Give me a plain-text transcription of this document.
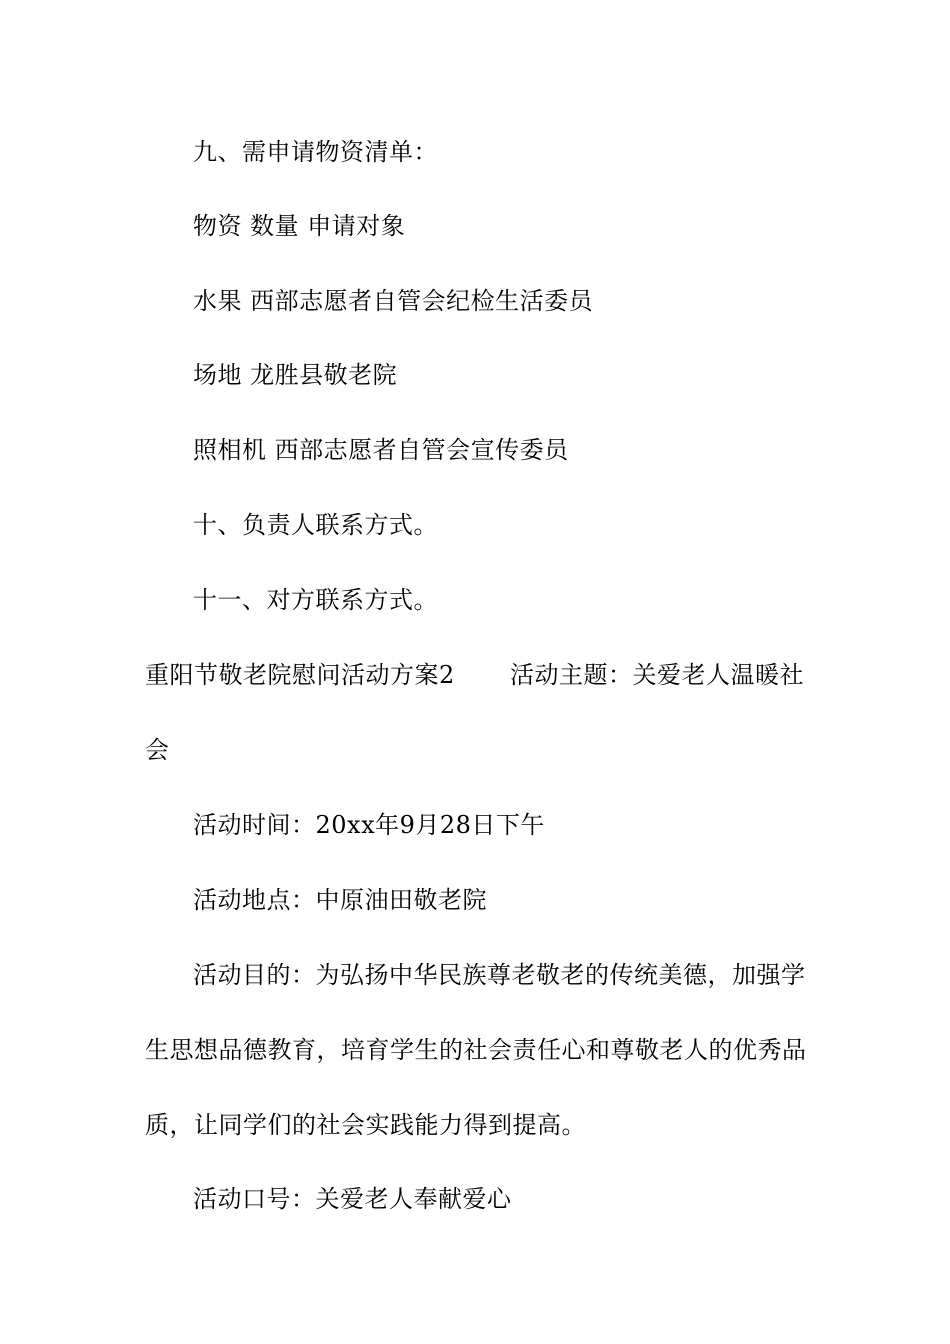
九、需申请物资清单：
物资 数量 申请对象
水果 西部志愿者自管会纪检生活委员
场地 龙胜县敬老院
照相机 西部志愿者自管会宣传委员
十、负责人联系方式。
十一、对方联系方式。
重阳节敬老院慰问活动方案2 活动主题：关爱老人温暖社
会
活动时间：20xx年9月28日下午
活动地点：中原油田敬老院
活动目的：为弘扬中华民族尊老敬老的传统美德，加强学
生思想品德教育，培育学生的社会责任心和尊敬老人的优秀品
质，让同学们的社会实践能力得到提高。
活动口号：关爱老人奉献爱心
